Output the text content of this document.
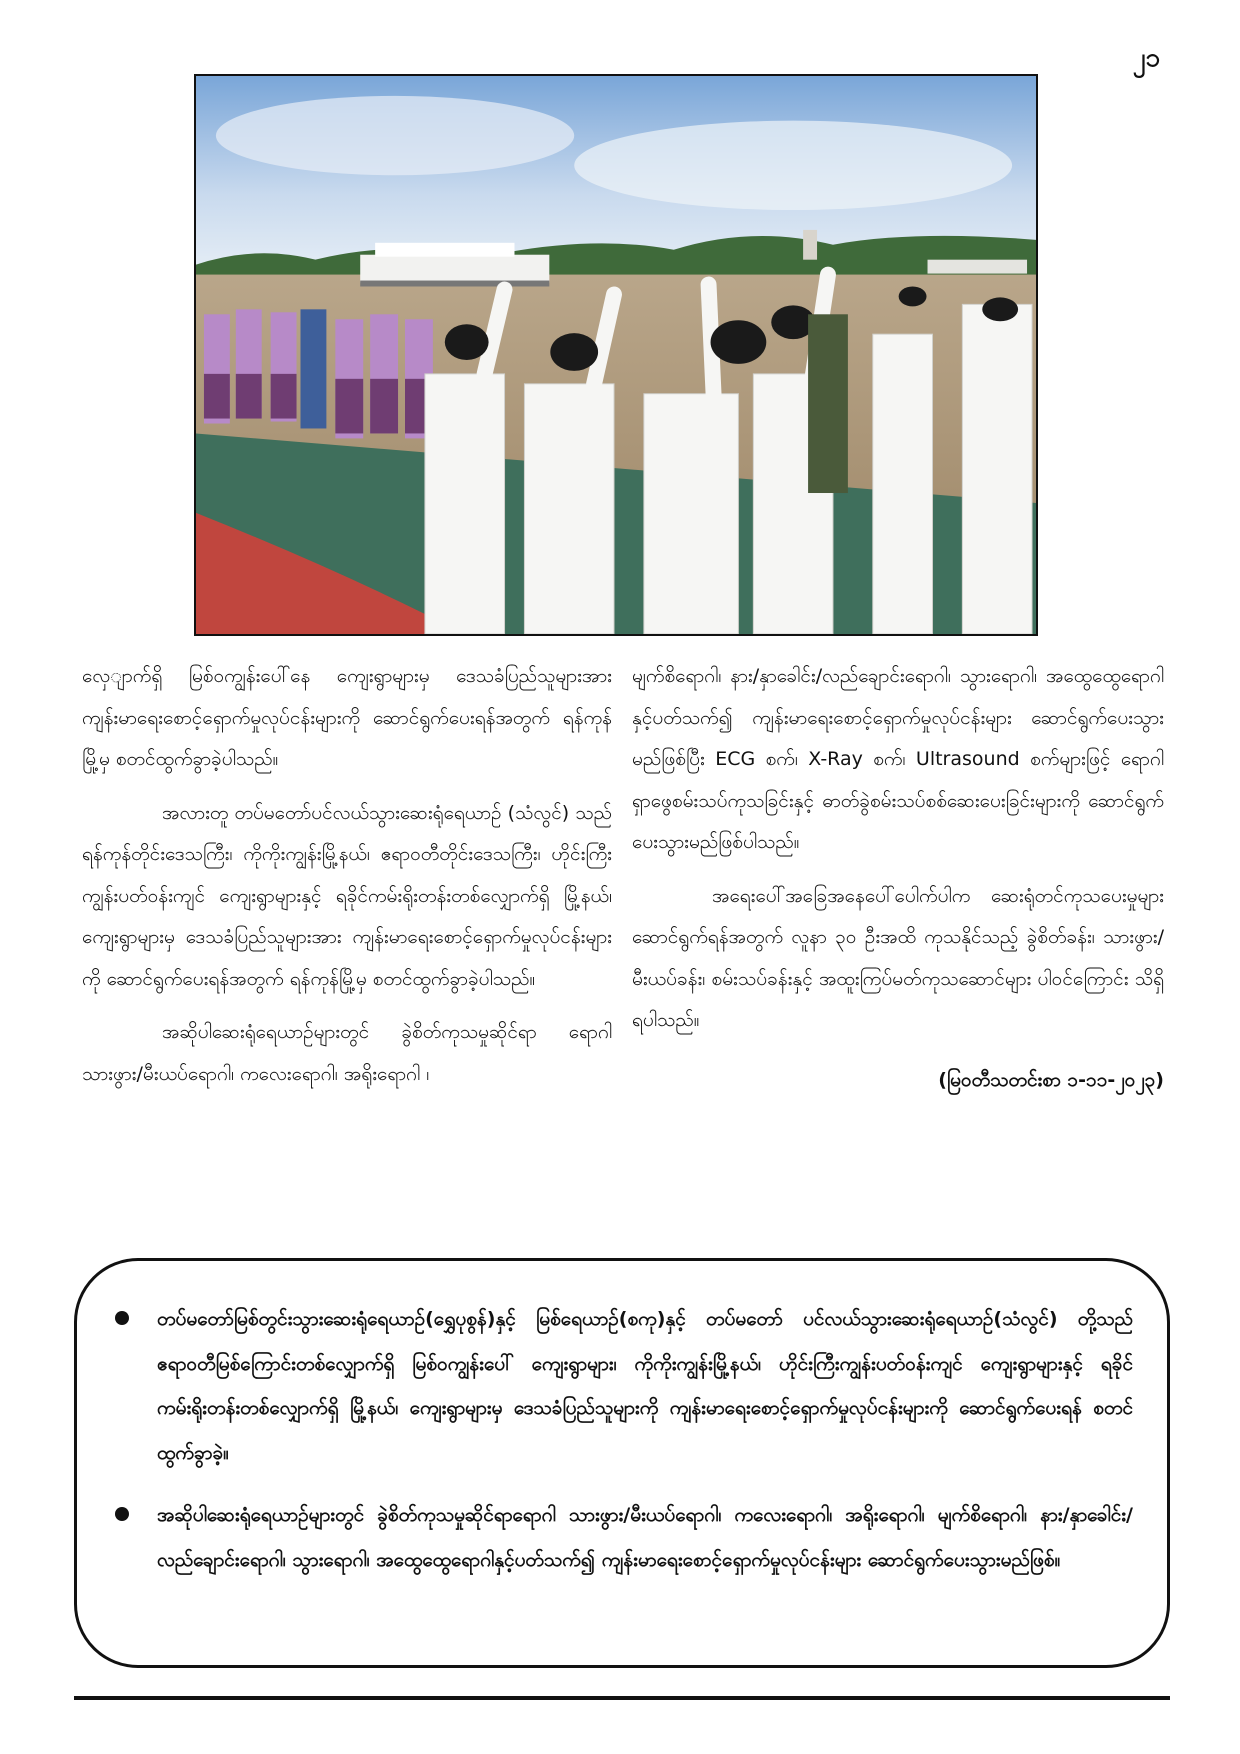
၂၁

လှေျာက်ရှိ မြစ်ဝကျွန်းပေါ်နေ ကျေးရွာများမှ ဒေသခံပြည်သူများအား ကျန်းမာရေးစောင့်ရှောက်မှုလုပ်ငန်းများကို ဆောင်ရွက်ပေးရန်အတွက် ရန်ကုန်မြို့မှ စတင်ထွက်ခွာခဲ့ပါသည်။

အလားတူ တပ်မတော်ပင်လယ်သွားဆေးရုံရေယာဉ် (သံလွင်) သည် ရန်ကုန်တိုင်းဒေသကြီး၊ ကိုကိုးကျွန်းမြို့နယ်၊ ဧရာဝတီတိုင်းဒေသကြီး၊ ဟိုင်းကြီးကျွန်းပတ်ဝန်းကျင် ကျေးရွာများနှင့် ရခိုင်ကမ်းရိုးတန်းတစ်လျှောက်ရှိ မြို့နယ်၊ ကျေးရွာများမှ ဒေသခံပြည်သူများအား ကျန်းမာရေးစောင့်ရှောက်မှုလုပ်ငန်းများကို ဆောင်ရွက်ပေးရန်အတွက် ရန်ကုန်မြို့မှ စတင်ထွက်ခွာခဲ့ပါသည်။

အဆိုပါဆေးရုံရေယာဉ်များတွင် ခွဲစိတ်ကုသမှုဆိုင်ရာ ရောဂါ သားဖွား/မီးယပ်ရောဂါ၊ ကလေးရောဂါ၊ အရိုးရောဂါ ၊

မျက်စိရောဂါ၊ နား/နှာခေါင်း/လည်ချောင်းရောဂါ၊ သွားရောဂါ၊ အထွေထွေရောဂါနှင့်ပတ်သက်၍ ကျန်းမာရေးစောင့်ရှောက်မှုလုပ်ငန်းများ ဆောင်ရွက်ပေးသွားမည်ဖြစ်ပြီး ECG စက်၊ X-Ray စက်၊ Ultrasound စက်များဖြင့် ရောဂါရှာဖွေစမ်းသပ်ကုသခြင်းနှင့် ဓာတ်ခွဲစမ်းသပ်စစ်ဆေးပေးခြင်းများကို ဆောင်ရွက်ပေးသွားမည်ဖြစ်ပါသည်။

အရေးပေါ်အခြေအနေပေါ်ပေါက်ပါက ဆေးရုံတင်ကုသပေးမှုများဆောင်ရွက်ရန်အတွက် လူနာ ၃၀ ဦးအထိ ကုသနိုင်သည့် ခွဲစိတ်ခန်း၊ သားဖွား/မီးယပ်ခန်း၊ စမ်းသပ်ခန်းနှင့် အထူးကြပ်မတ်ကုသဆောင်များ ပါဝင်ကြောင်း သိရှိရပါသည်။

(မြဝတီသတင်းစာ ၁-၁၁-၂၀၂၃)

တပ်မတော်မြစ်တွင်းသွားဆေးရုံရေယာဉ်(ရွှေပုစွန်)နှင့် မြစ်ရေယာဉ်(စကု)နှင့် တပ်မတော် ပင်လယ်သွားဆေးရုံရေယာဉ်(သံလွင်) တို့သည် ဧရာဝတီမြစ်ကြောင်းတစ်လျှောက်ရှိ မြစ်ဝကျွန်းပေါ် ကျေးရွာများ၊ ကိုကိုးကျွန်းမြို့နယ်၊ ဟိုင်းကြီးကျွန်းပတ်ဝန်းကျင် ကျေးရွာများနှင့် ရခိုင်ကမ်းရိုးတန်းတစ်လျှောက်ရှိ မြို့နယ်၊ ကျေးရွာများမှ ဒေသခံပြည်သူများကို ကျန်းမာရေးစောင့်ရှောက်မှုလုပ်ငန်းများကို ဆောင်ရွက်ပေးရန် စတင်ထွက်ခွာခဲ့။
အဆိုပါဆေးရုံရေယာဉ်များတွင် ခွဲစိတ်ကုသမှုဆိုင်ရာရောဂါ သားဖွား/မီးယပ်ရောဂါ၊ ကလေးရောဂါ၊ အရိုးရောဂါ၊ မျက်စိရောဂါ၊ နား/နှာခေါင်း/လည်ချောင်းရောဂါ၊ သွားရောဂါ၊ အထွေထွေရောဂါနှင့်ပတ်သက်၍ ကျန်းမာရေးစောင့်ရှောက်မှုလုပ်ငန်းများ ဆောင်ရွက်ပေးသွားမည်ဖြစ်။
